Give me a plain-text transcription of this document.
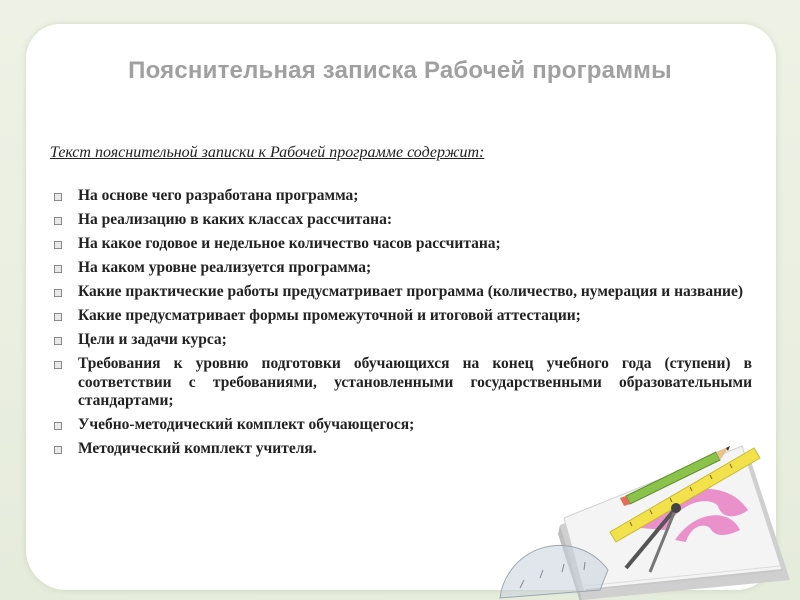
Пояснительная записка Рабочей программы
Текст пояснительной записки к Рабочей программе содержит:
На основе чего разработана программа;
На реализацию в каких классах рассчитана:
На какое годовое и недельное количество часов рассчитана;
На каком уровне реализуется программа;
Какие практические работы предусматривает программа (количество, нумерация и название)
Какие предусматривает формы промежуточной и итоговой аттестации;
Цели и задачи курса;
Требования к уровню подготовки обучающихся на конец учебного года (ступени) в соответствии с требованиями, установленными государственными образовательными стандартами;
Учебно-методический комплект обучающегося;
Методический комплект учителя.
